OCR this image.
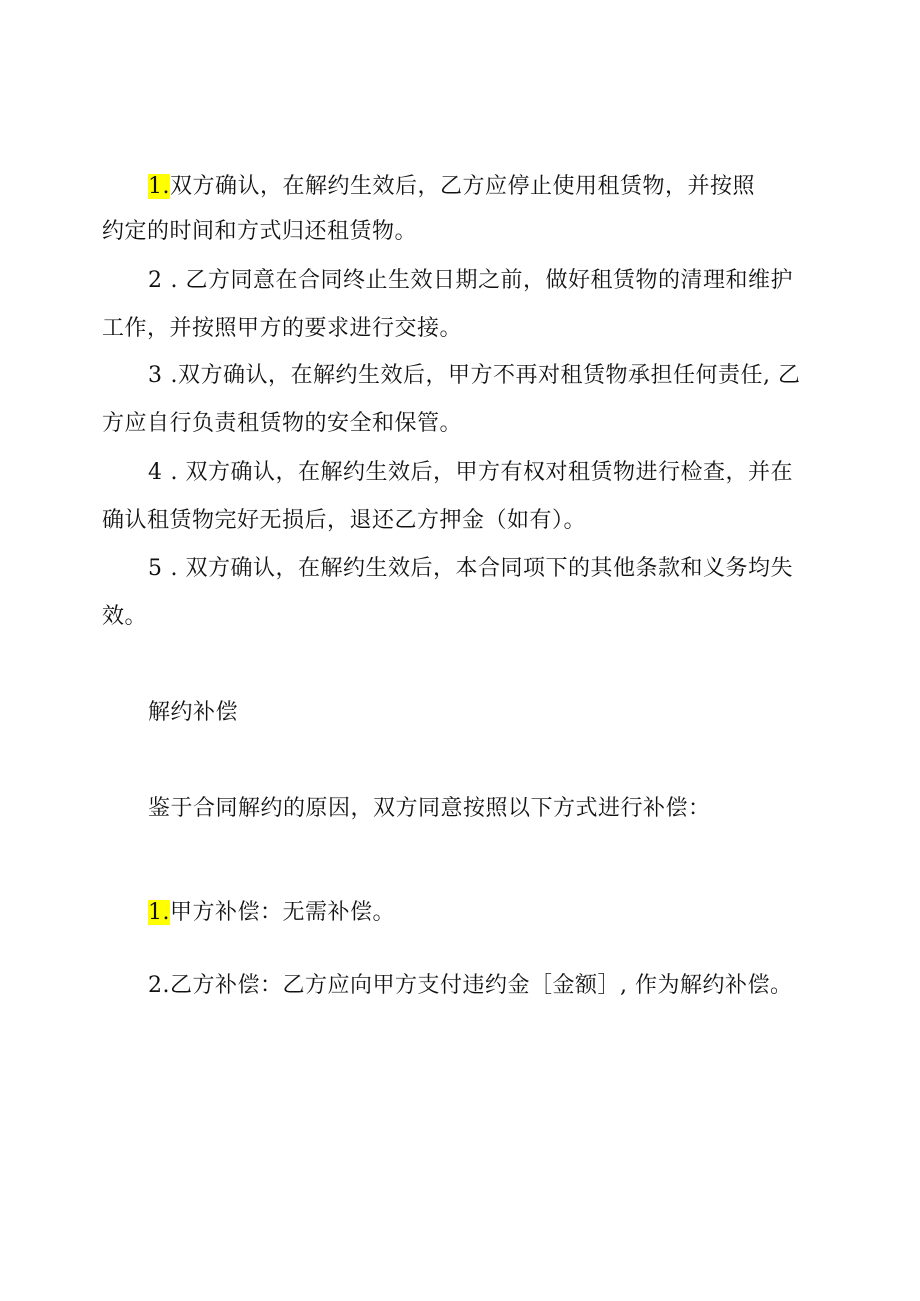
1.双方确认，在解约生效后，乙方应停止使用租赁物，并按照
约定的时间和方式归还租赁物。
2 . 乙方同意在合同终止生效日期之前，做好租赁物的清理和维护
工作，并按照甲方的要求进行交接。
3 .双方确认，在解约生效后，甲方不再对租赁物承担任何责任, 乙
方应自行负责租赁物的安全和保管。
4 . 双方确认，在解约生效后，甲方有权对租赁物进行检查，并在
确认租赁物完好无损后，退还乙方押金（如有）。
5 . 双方确认，在解约生效后，本合同项下的其他条款和义务均失
效。
解约补偿
鉴于合同解约的原因，双方同意按照以下方式进行补偿：
1.甲方补偿：无需补偿。
2.乙方补偿：乙方应向甲方支付违约金［金额］, 作为解约补偿。
